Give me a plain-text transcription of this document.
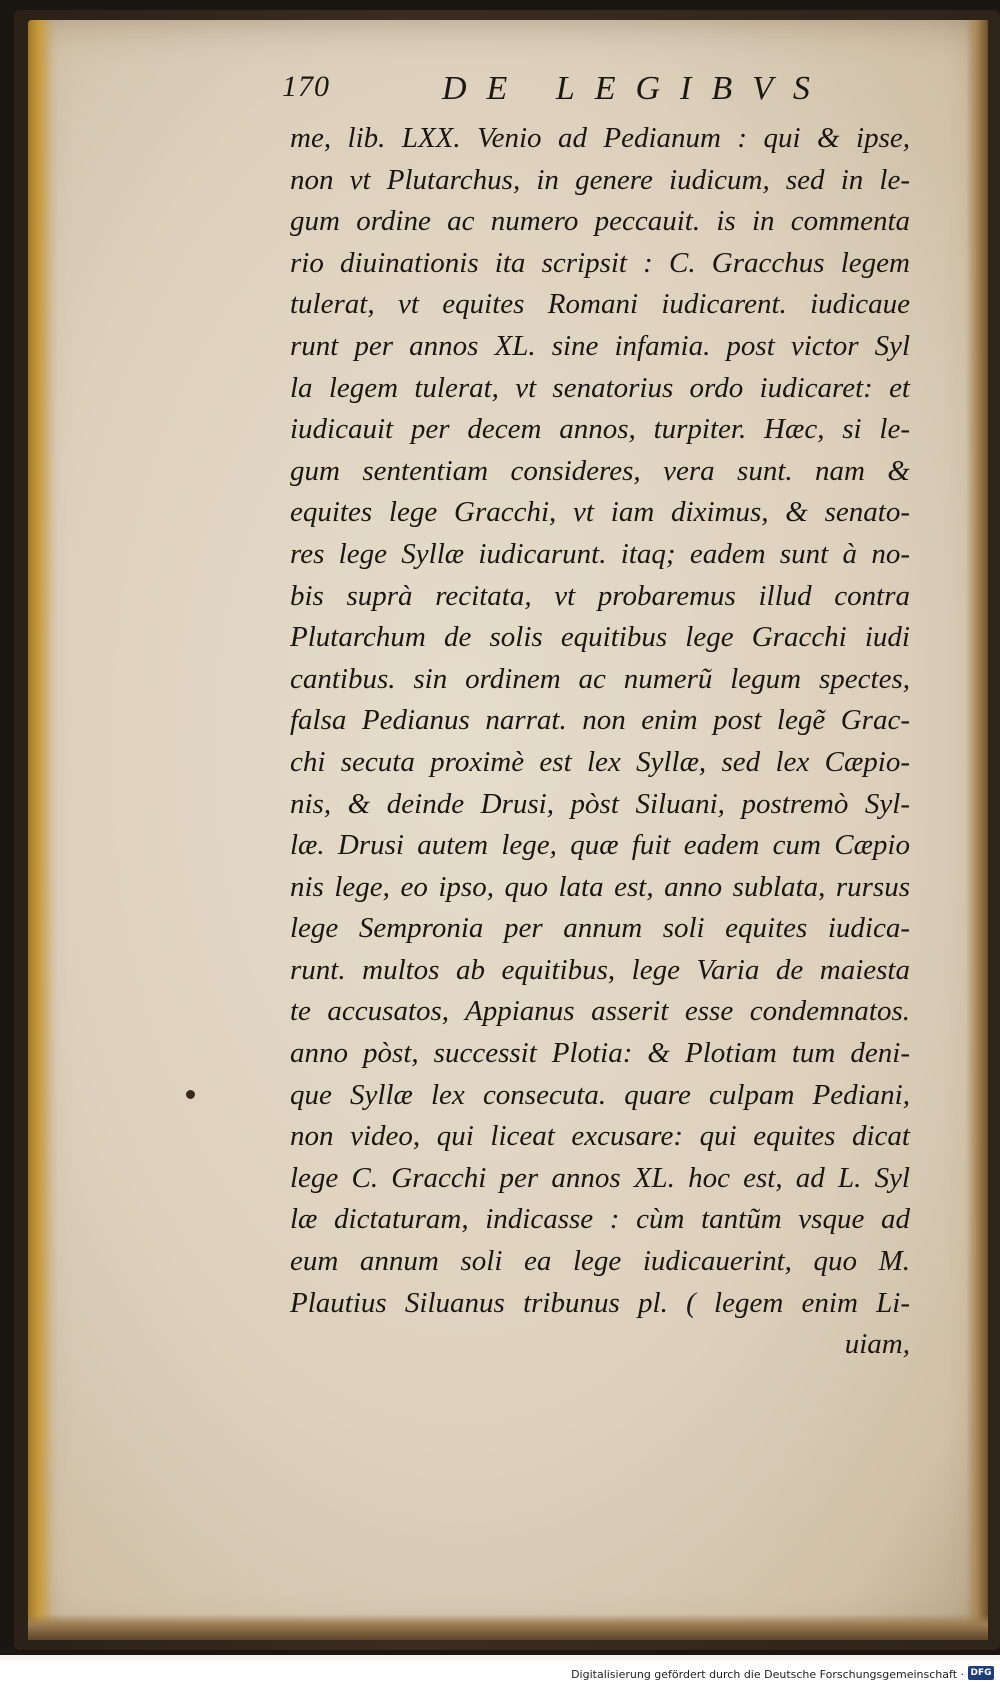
170	DE LEGIBVS
me, lib. LXX. Venio ad Pedianum : qui & ipse,
non vt Plutarchus, in genere iudicum, sed in le-
gum ordine ac numero peccauit. is in commenta
rio diuinationis ita scripsit : C. Gracchus legem
tulerat, vt equites Romani iudicarent. iudicaue
runt per annos XL. sine infamia. post victor Syl
la legem tulerat, vt senatorius ordo iudicaret: et
iudicauit per decem annos, turpiter. Hæc, si le-
gum sententiam consideres, vera sunt. nam &
equites lege Gracchi, vt iam diximus, & senato-
res lege Syllæ iudicarunt. itaq; eadem sunt à no-
bis suprà recitata, vt probaremus illud contra
Plutarchum de solis equitibus lege Gracchi iudi
cantibus. sin ordinem ac numerũ legum spectes,
falsa Pedianus narrat. non enim post legẽ Grac-
chi secuta proximè est lex Syllæ, sed lex Cæpio-
nis, & deinde Drusi, pòst Siluani, postremò Syl-
læ. Drusi autem lege, quæ fuit eadem cum Cæpio
nis lege, eo ipso, quo lata est, anno sublata, rursus
lege Sempronia per annum soli equites iudica-
runt. multos ab equitibus, lege Varia de maiesta
te accusatos, Appianus asserit esse condemnatos.
anno pòst, successit Plotia: & Plotiam tum deni-
que Syllæ lex consecuta. quare culpam Pediani,
non video, qui liceat excusare: qui equites dicat
lege C. Gracchi per annos XL. hoc est, ad L. Syl
læ dictaturam, indicasse : cùm tantũm vsque ad
eum annum soli ea lege iudicauerint, quo M.
Plautius Siluanus tribunus pl. ( legem enim Li-
uiam,
Digitalisierung gefördert durch die Deutsche Forschungsgemeinschaft · DFG
